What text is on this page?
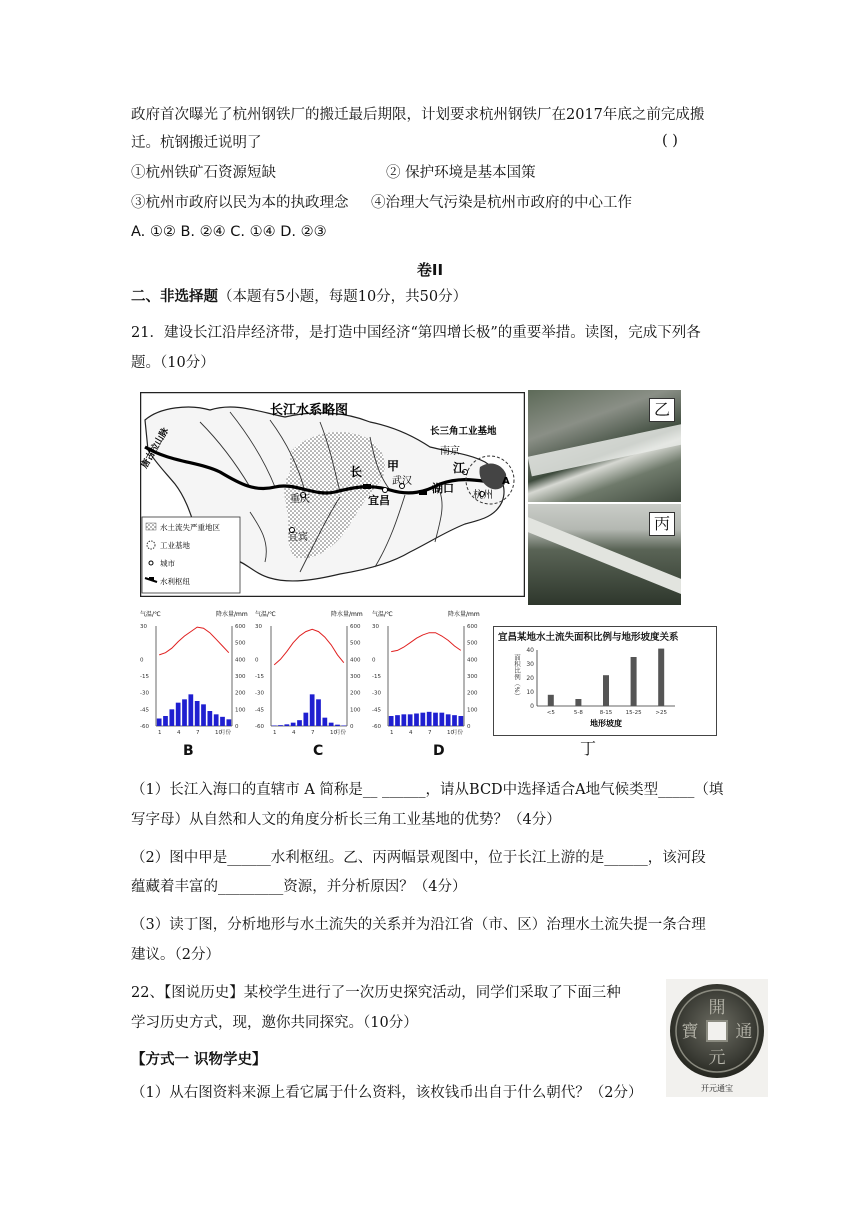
政府首次曝光了杭州钢铁厂的搬迁最后期限，计划要求杭州钢铁厂在2017年底之前完成搬
迁。杭钢搬迁说明了	( )
①杭州铁矿石资源短缺	② 保护环境是基本国策
③杭州市政府以民为本的执政理念 ④治理大气污染是杭州市政府的中心工作
A. ①② B. ②④ C. ①④ D. ②③
卷II
二、非选择题（本题有5小题，每题10分，共50分）
21．建设长江沿岸经济带，是打造中国经济“第四增长极”的重要举措。读图，完成下列各
题。（10分）
长江水系略图
长三角工业基地
唐古拉山脉
重庆
宜宾
宜昌
武汉
南京
杭州
长 甲	江
湖口
A
水土流失严重地区
工业基地
城市
水利枢纽
乙
丙
气温/℃	降水量/mm
30
0
-15
-30
-45
-60
600
500
400
300
200
100
0
1	4	7	10
月份
气温/℃	降水量/mm
30
0
-15
-30
-45
-60
600
500
400
300
200
100
0
1	4	7	10
月份
气温/℃	降水量/mm
30
0
-15
-30
-45
-60
600
500
400
300
200
100
0
1	4	7	10
月份
B	C	D
宜昌某地水土流失面积比例与地形坡度关系
0
10
20
30
40
面积比例（%）
<5	5-8	8-15 15-25	>25
地形坡度
丁
（1）长江入海口的直辖市 A 简称是__ ______，请从BCD中选择适合A地气候类型_____（填
写字母）从自然和人文的角度分析长三角工业基地的优势？（4分）
（2）图中甲是______水利枢纽。乙、丙两幅景观图中，位于长江上游的是______，该河段
蕴藏着丰富的_________资源，并分析原因？（4分）
（3）读丁图，分析地形与水土流失的关系并为沿江省（市、区）治理水土流失提一条合理
建议。（2分）
22、【图说历史】某校学生进行了一次历史探究活动，同学们采取了下面三种
学习历史方式，现，邀你共同探究。（10分）
【方式一 识物学史】
（1）从右图资料来源上看它属于什么资料，该枚钱币出自于什么朝代？（2分）
開
通
元
寶
开元通宝
